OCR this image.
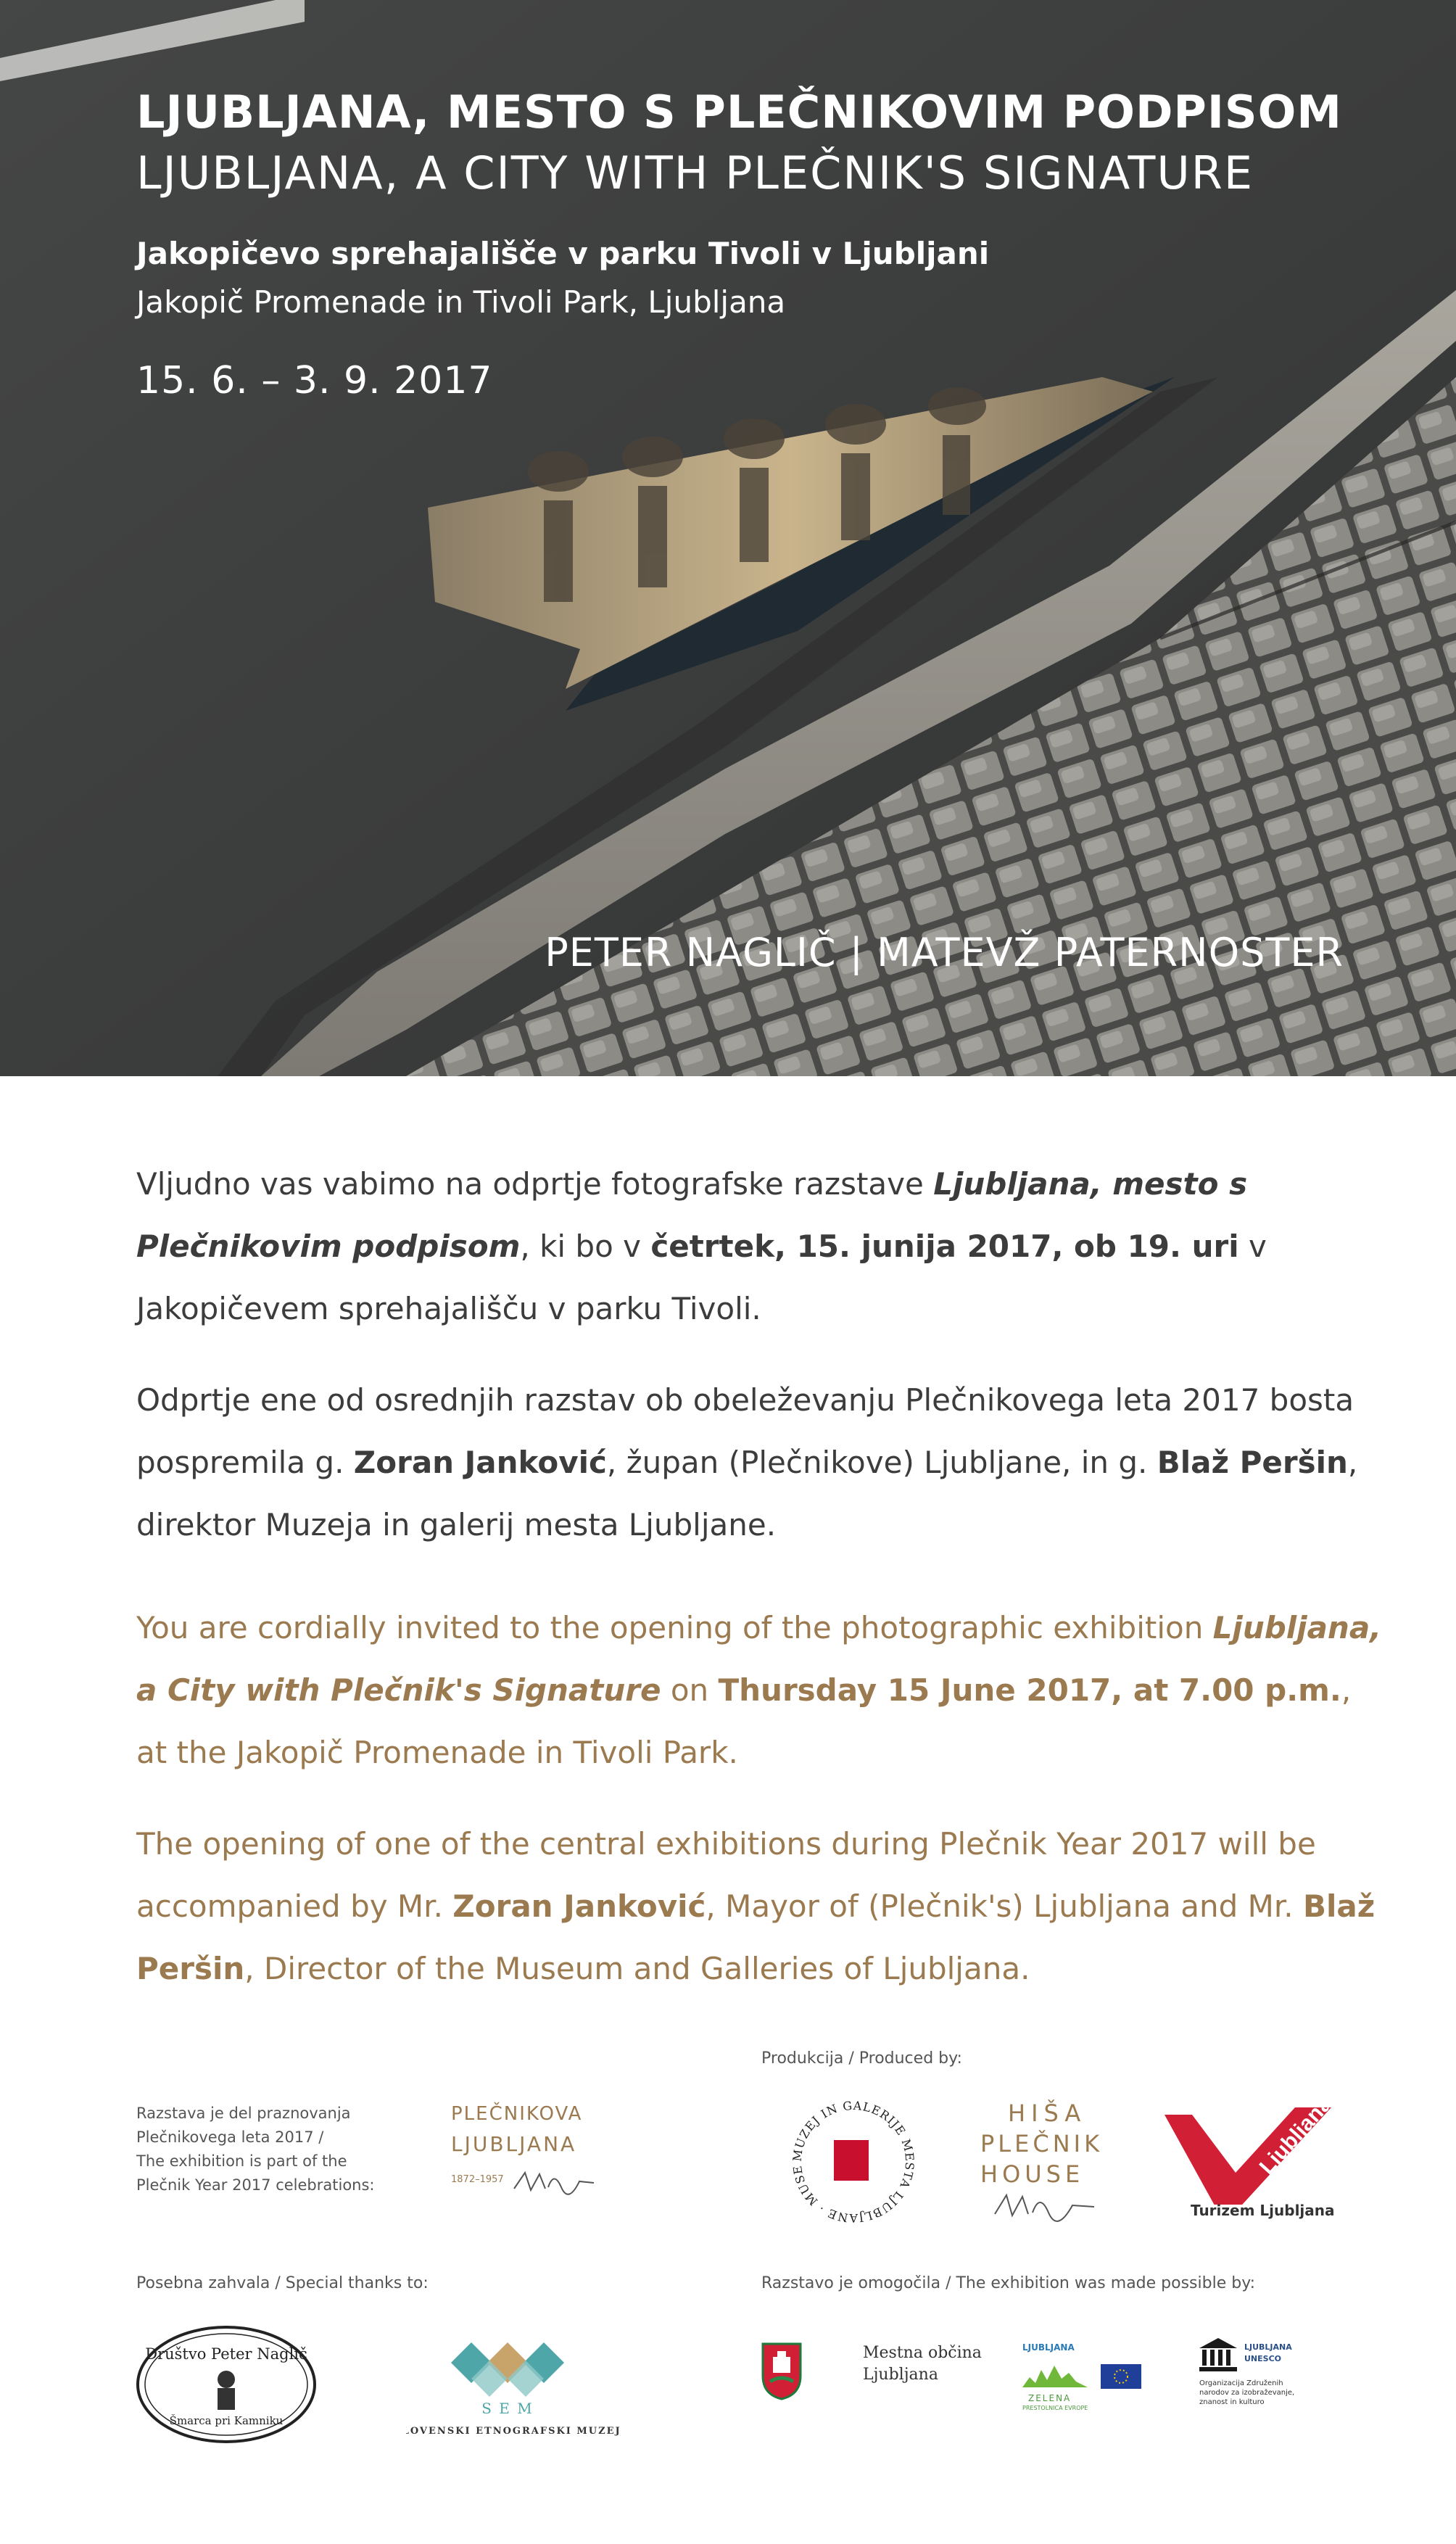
LJUBLJANA, MESTO S PLEČNIKOVIM PODPISOM
LJUBLJANA, A CITY WITH PLEČNIK'S SIGNATURE

Jakopičevo sprehajališče v parku Tivoli v Ljubljani

Jakopič Promenade in Tivoli Park, Ljubljana

15. 6. – 3. 9. 2017

PETER NAGLIČ | MATEVŽ PATERNOSTER

Vljudno vas vabimo na odprtje fotografske razstave Ljubljana, mesto s Plečnikovim podpisom, ki bo v četrtek, 15. junija 2017, ob 19. uri v Jakopičevem sprehajališču v parku Tivoli.

Odprtje ene od osrednjih razstav ob obeleževanju Plečnikovega leta 2017 bosta pospremila g. Zoran Janković, župan (Plečnikove) Ljubljane, in g. Blaž Peršin, direktor Muzeja in galerij mesta Ljubljane.

You are cordially invited to the opening of the photographic exhibition Ljubljana, a City with Plečnik's Signature on Thursday 15 June 2017, at 7.00 p.m., at the Jakopič Promenade in Tivoli Park.

The opening of one of the central exhibitions during Plečnik Year 2017 will be accompanied by Mr. Zoran Janković, Mayor of (Plečnik's) Ljubljana and Mr. Blaž Peršin, Director of the Museum and Galleries of Ljubljana.

Razstava je del praznovanja
Plečnikovega leta 2017 /
The exhibition is part of the
Plečnik Year 2017 celebrations:

PLEČNIKOVA

LJUBLJANA

1872–1957

Produkcija / Produced by:

MUZEJ IN GALERIJE MESTA LJUBLJANE · MUSE

HIŠA

PLEČNIK

HOUSE	Ljubljana

Turizem Ljubljana

Posebna zahvala / Special thanks to:

Društvo Peter Naglič
Šmarca pri Kamniku
S E M
SLOVENSKI ETNOGRAFSKI MUZEJ

Razstavo je omogočila / The exhibition was made possible by:

Mestna občina

Ljubljana

LJUBLJANA

ZELENA

PRESTOLNICA EVROPE

LJUBLJANA

UNESCO

Organizacija Združenih
narodov za izobraževanje,
znanost in kulturo
